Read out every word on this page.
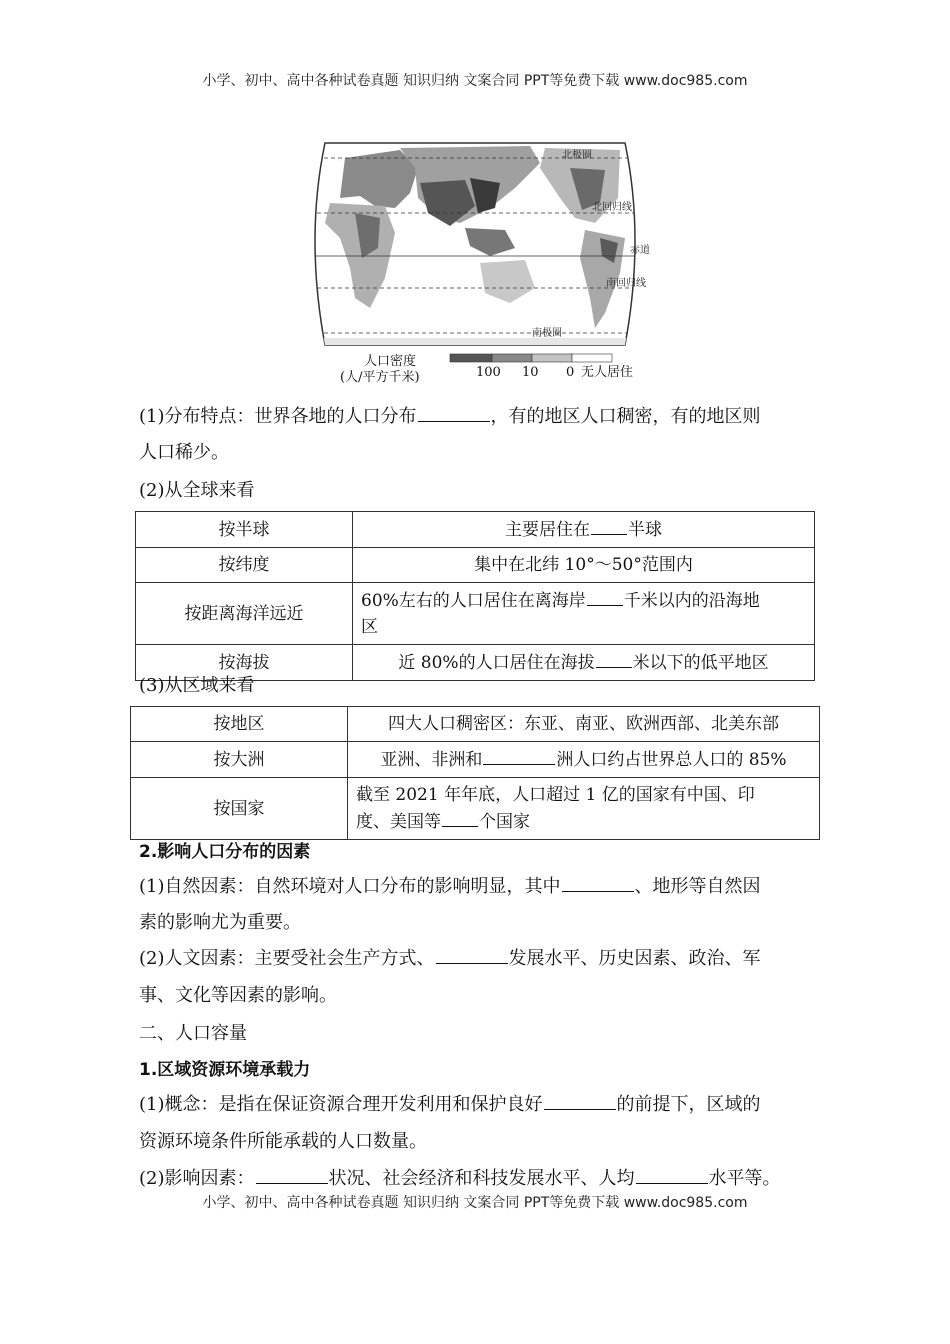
小学、初中、高中各种试卷真题 知识归纳 文案合同 PPT等免费下载 www.doc985.com
北极圈
北回归线
赤道
南回归线
南极圈
人口密度
(人/平方千米)	100 10 0 无人居住
(1)分布特点：世界各地的人口分布	，有的地区人口稠密，有的地区则
人口稀少。
(2)从全球来看
按半球	主要居住在 半球
按纬度	集中在北纬 10°～50°范围内
按距离海洋远近	60%左右的人口居住在离海岸 千米以内的沿海地
区
按海拔	近 80%的人口居住在海拔 米以下的低平地区
(3)从区域来看
按地区	四大人口稠密区：东亚、南亚、欧洲西部、北美东部
按大洲	亚洲、非洲和 洲人口约占世界总人口的 85%
按国家	截至 2021 年年底，人口超过 1 亿的国家有中国、印
度、美国等 个国家
2.影响人口分布的因素
(1)自然因素：自然环境对人口分布的影响明显，其中	、地形等自然因
素的影响尤为重要。
(2)人文因素：主要受社会生产方式、	发展水平、历史因素、政治、军
事、文化等因素的影响。
二、人口容量
1.区域资源环境承载力
(1)概念：是指在保证资源合理开发利用和保护良好	的前提下，区域的
资源环境条件所能承载的人口数量。
(2)影响因素：	状况、社会经济和科技发展水平、人均	水平等。
小学、初中、高中各种试卷真题 知识归纳 文案合同 PPT等免费下载 www.doc985.com
